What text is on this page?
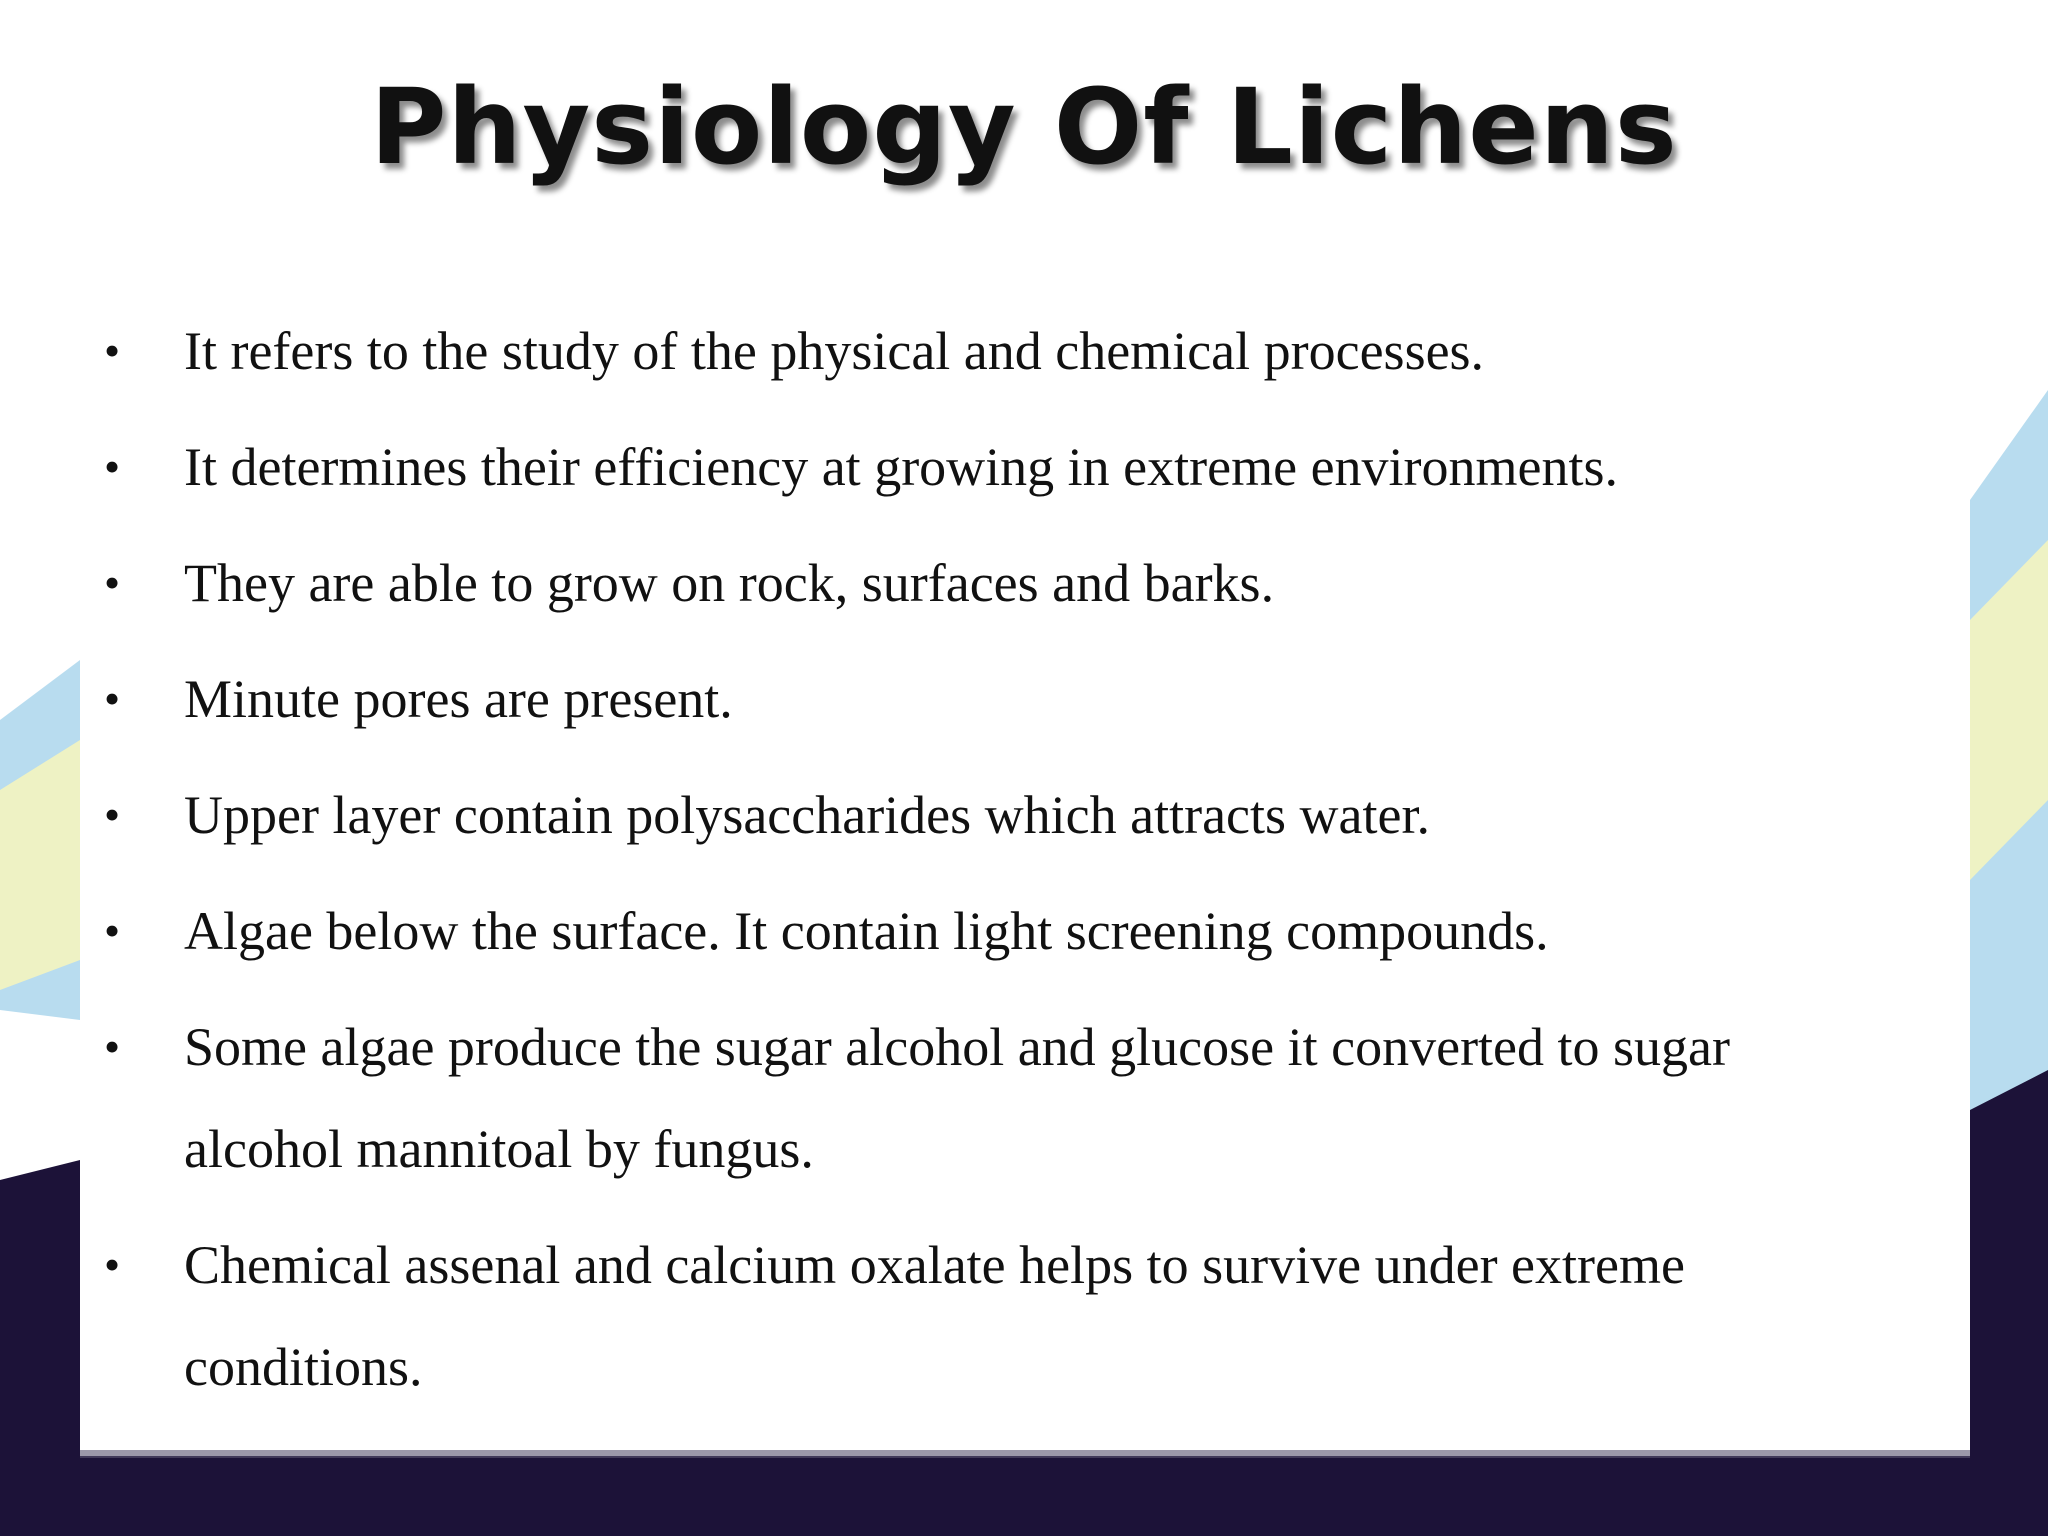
Physiology Of Lichens
• It refers to the study of the physical and chemical processes.
• It determines their efficiency at growing in extreme environments.
• They are able to grow on rock, surfaces and barks.
• Minute pores are present.
• Upper layer contain polysaccharides which attracts water.
• Algae below the surface. It contain light screening compounds.
• Some algae produce the sugar alcohol and glucose it converted to sugar alcohol mannitoal by fungus.
• Chemical assenal and calcium oxalate helps to survive under extreme conditions.
